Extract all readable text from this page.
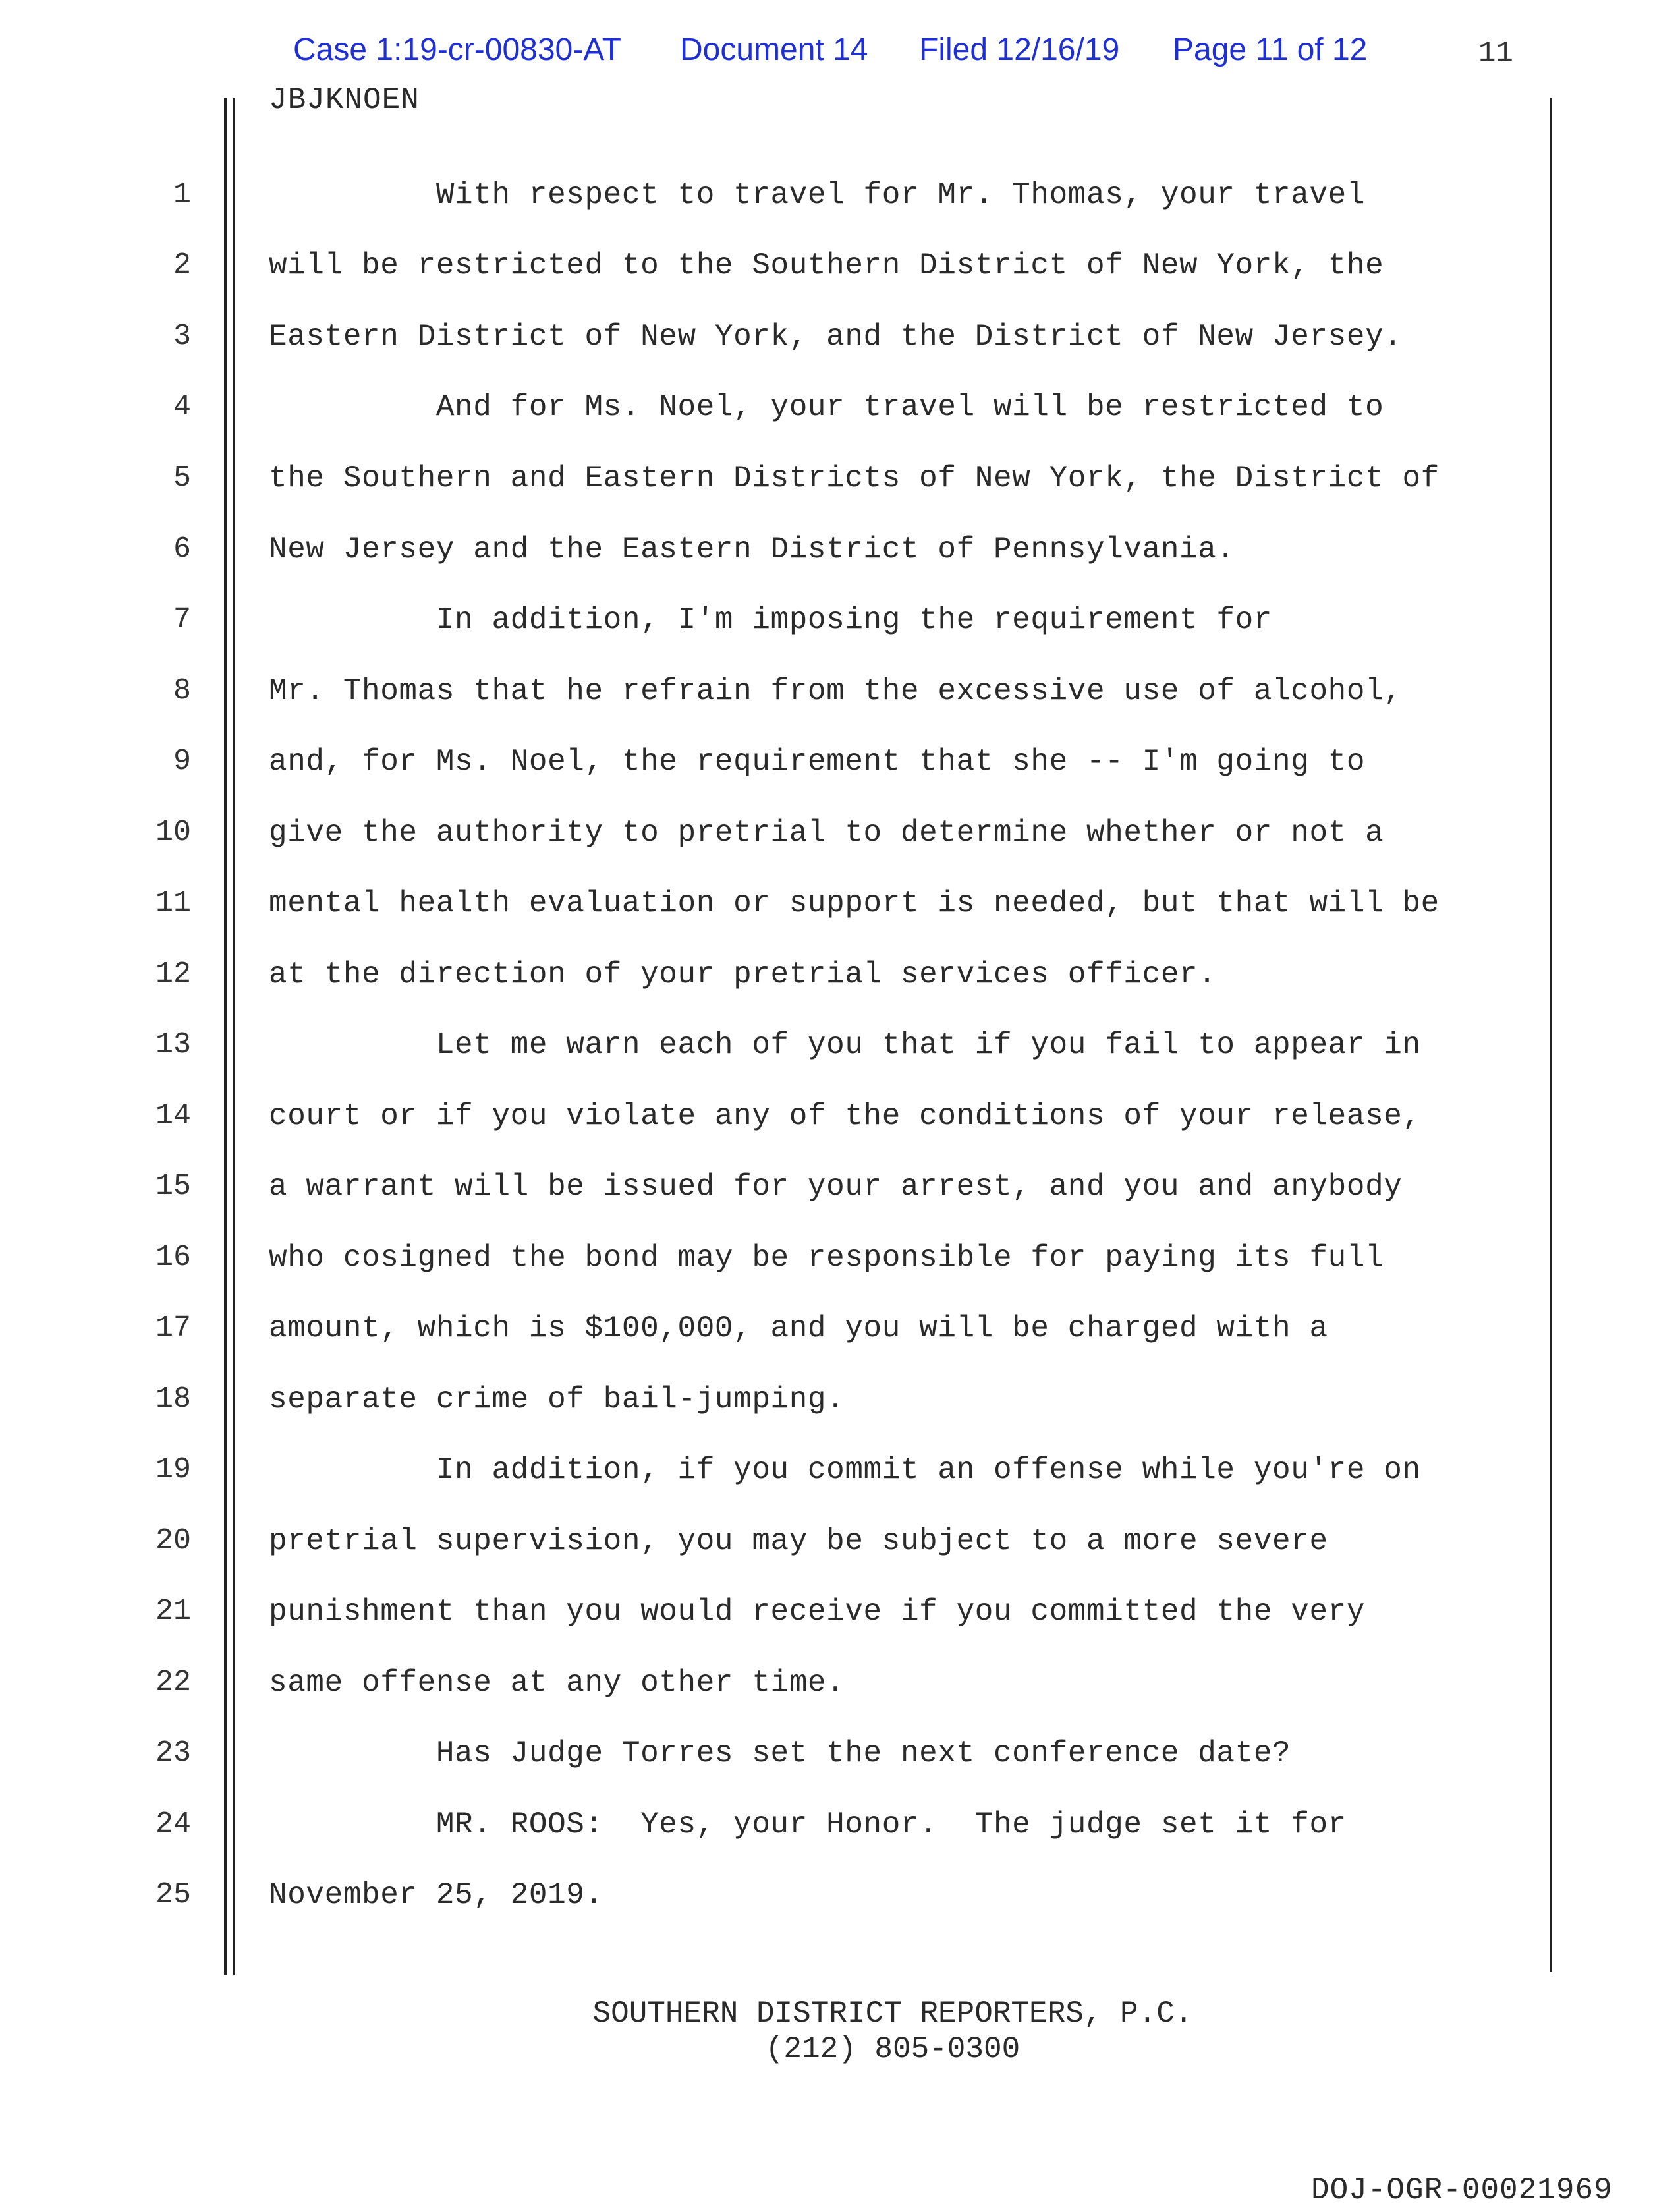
Case 1:19-cr-00830-AT Document 14 Filed 12/16/19 Page 11 of 12	11
JBJKNOEN
1	With respect to travel for Mr. Thomas, your travel
2	will be restricted to the Southern District of New York, the
3	Eastern District of New York, and the District of New Jersey.
4	And for Ms. Noel, your travel will be restricted to
5	the Southern and Eastern Districts of New York, the District of
6	New Jersey and the Eastern District of Pennsylvania.
7	In addition, I'm imposing the requirement for
8	Mr. Thomas that he refrain from the excessive use of alcohol,
9	and, for Ms. Noel, the requirement that she -- I'm going to
10	give the authority to pretrial to determine whether or not a
11	mental health evaluation or support is needed, but that will be
12	at the direction of your pretrial services officer.
13	Let me warn each of you that if you fail to appear in
14	court or if you violate any of the conditions of your release,
15	a warrant will be issued for your arrest, and you and anybody
16	who cosigned the bond may be responsible for paying its full
17	amount, which is $100,000, and you will be charged with a
18	separate crime of bail-jumping.
19	In addition, if you commit an offense while you're on
20	pretrial supervision, you may be subject to a more severe
21	punishment than you would receive if you committed the very
22	same offense at any other time.
23	Has Judge Torres set the next conference date?
24	MR. ROOS:  Yes, your Honor.  The judge set it for
25	November 25, 2019.
SOUTHERN DISTRICT REPORTERS, P.C.
(212) 805-0300
DOJ-OGR-00021969
